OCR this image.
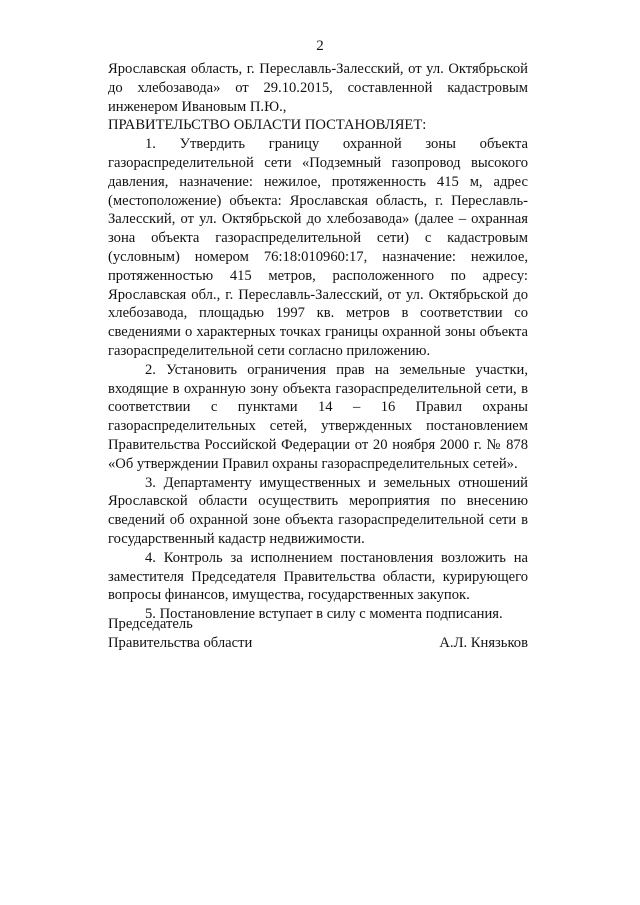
2

Ярославская область, г. Переславль-Залесский, от ул. Октябрьской до хлебозавода» от 29.10.2015, составленной кадастровым инженером Ивановым П.Ю.,

ПРАВИТЕЛЬСТВО ОБЛАСТИ ПОСТАНОВЛЯЕТ:

1. Утвердить границу охранной зоны объекта газораспределительной сети «Подземный газопровод высокого давления, назначение: нежилое, протяженность 415 м, адрес (местоположение) объекта: Ярославская область, г. Переславль-Залесский, от ул. Октябрьской до хлебозавода» (далее – охранная зона объекта газораспределительной сети) с кадастровым (условным) номером 76:18:010960:17, назначение: нежилое, протяженностью 415 метров, расположенного по адресу: Ярославская обл., г. Переславль-Залесский, от ул. Октябрьской до хлебозавода, площадью 1997 кв. метров в соответствии со сведениями о характерных точках границы охранной зоны объекта газораспределительной сети согласно приложению.

2. Установить ограничения прав на земельные участки, входящие в охранную зону объекта газораспределительной сети, в соответствии с пунктами 14 – 16 Правил охраны газораспределительных сетей, утвержденных постановлением Правительства Российской Федерации от 20 ноября 2000 г. № 878 «Об утверждении Правил охраны газораспределительных сетей».

3. Департаменту имущественных и земельных отношений Ярославской области осуществить мероприятия по внесению сведений об охранной зоне объекта газораспределительной сети в государственный кадастр недвижимости.

4. Контроль за исполнением постановления возложить на заместителя Председателя Правительства области, курирующего вопросы финансов, имущества, государственных закупок.

5. Постановление вступает в силу с момента подписания.

Председатель
Правительства области	А.Л. Князьков
